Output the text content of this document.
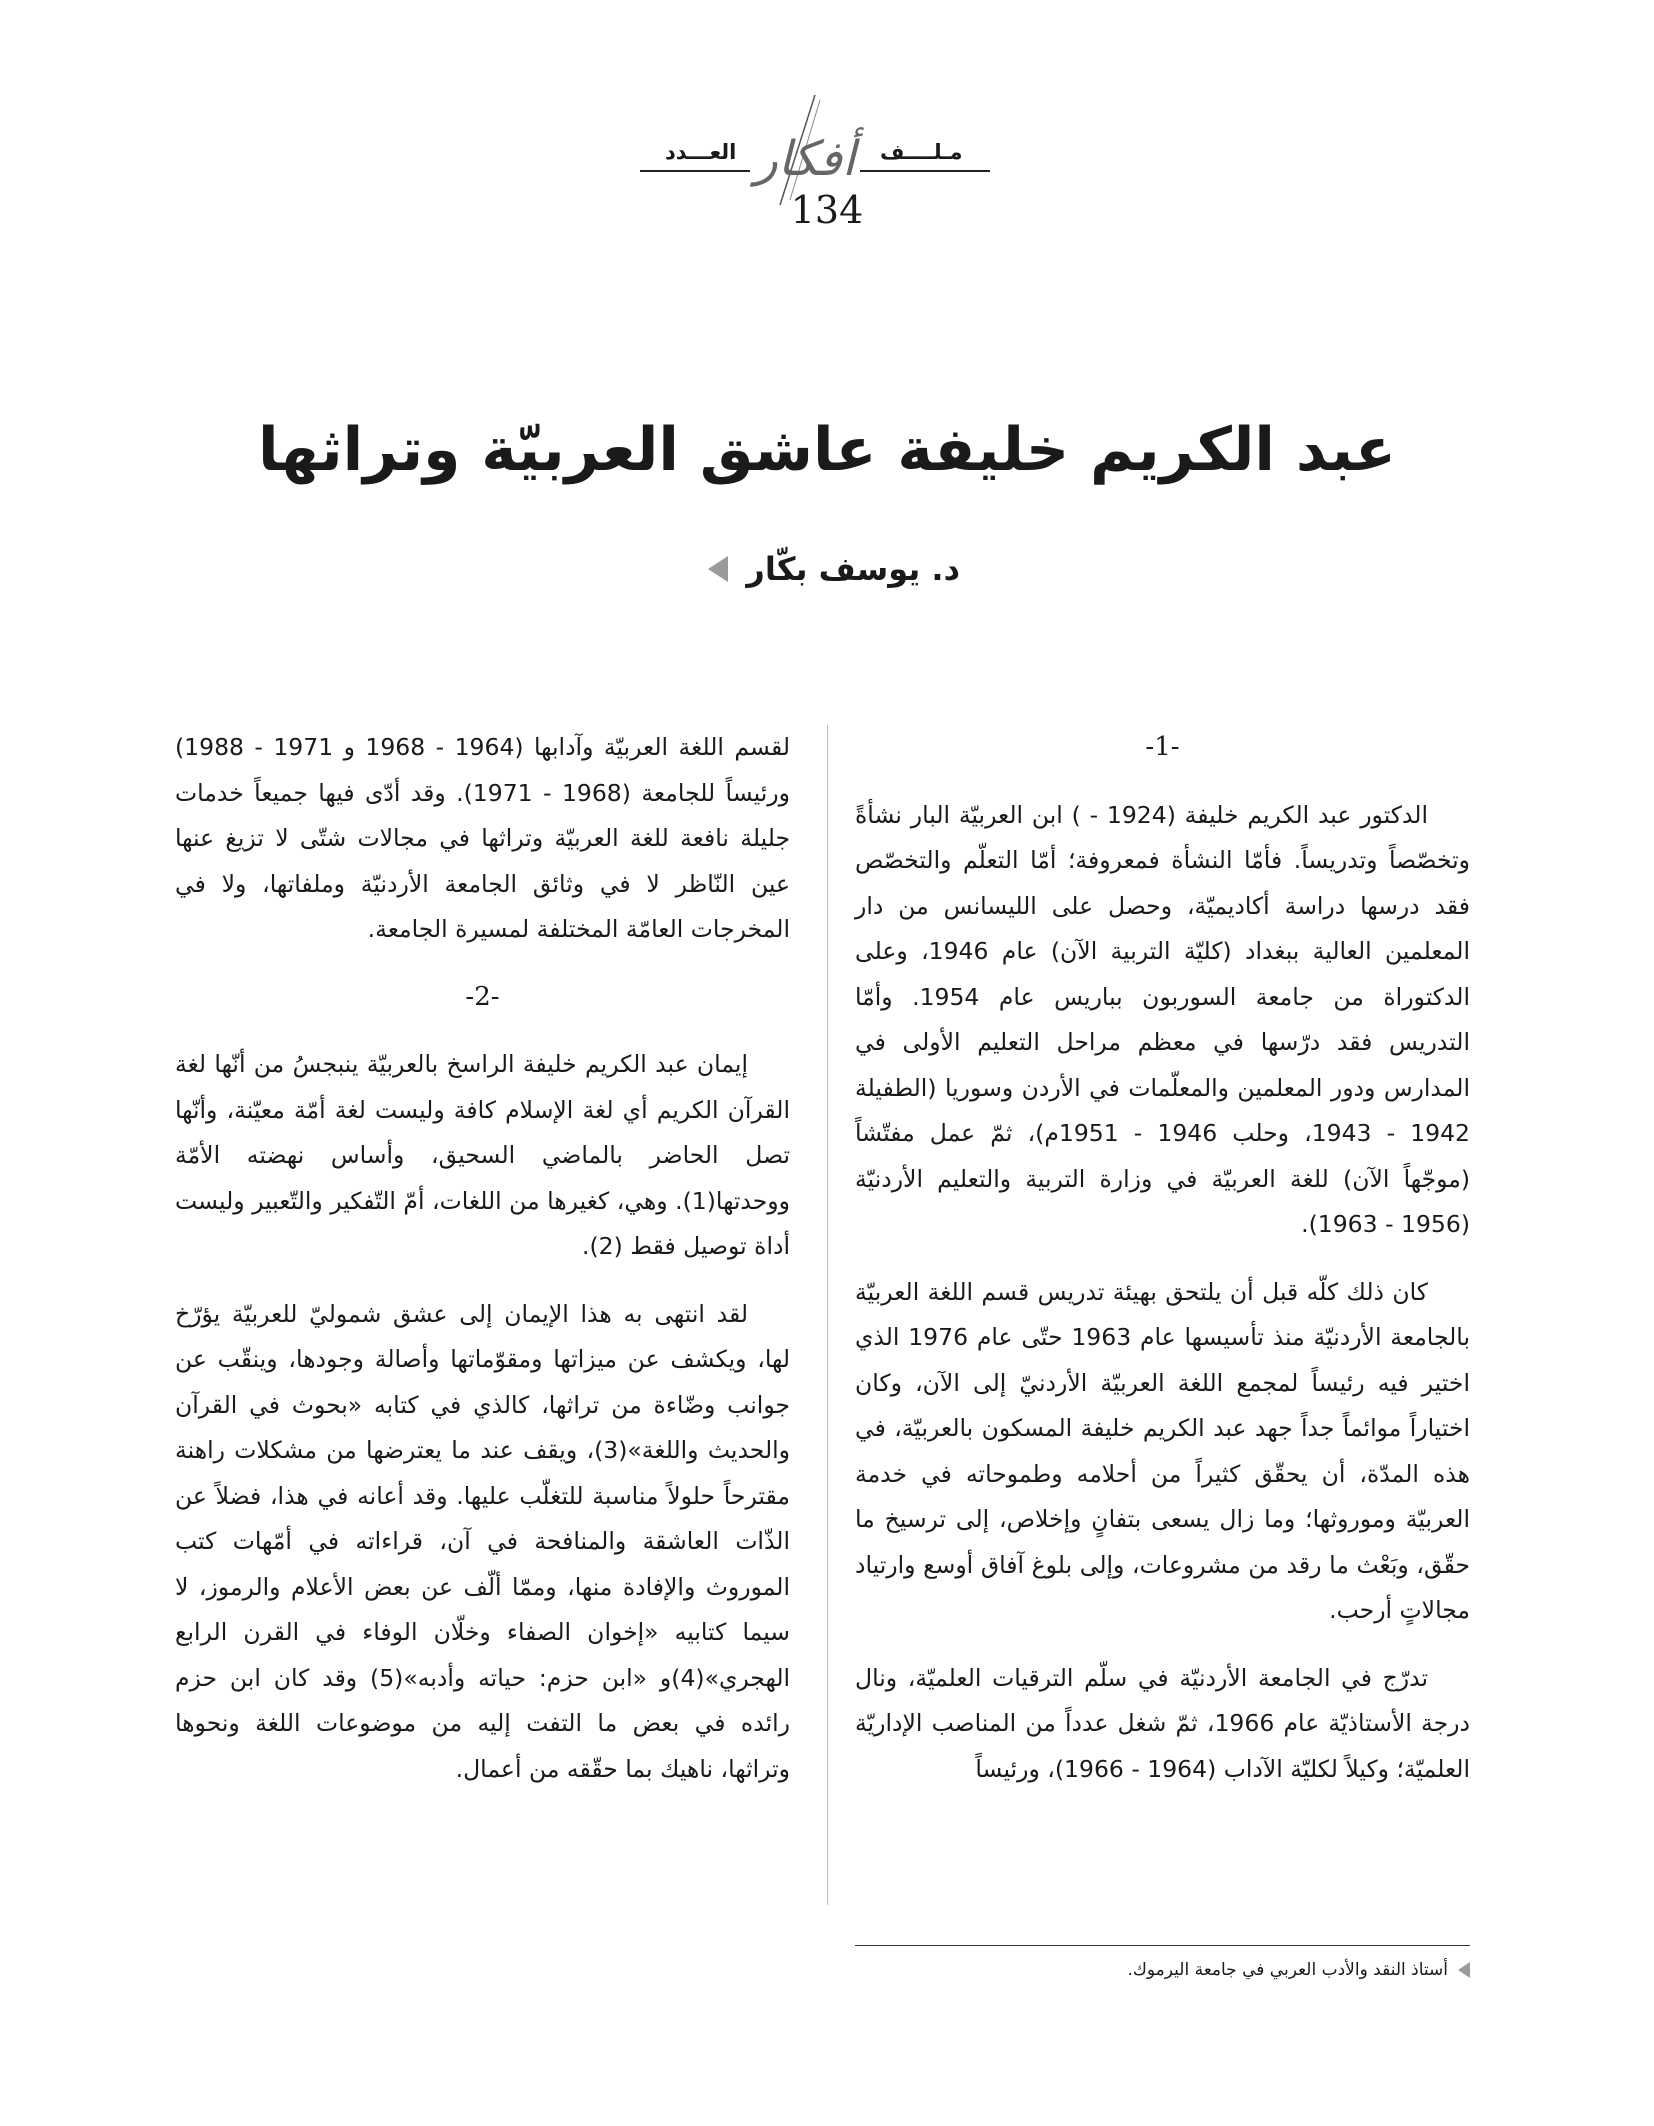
العـــدد	مـلــــف
أفكار
134
عبد الكريم خليفة عاشق العربيّة وتراثها
د. يوسف بكّار
-1-

الدكتور عبد الكريم خليفة (1924 - ) ابن العربيّة البار نشأةً وتخصّصاً وتدريساً. فأمّا النشأة فمعروفة؛ أمّا التعلّم والتخصّص فقد درسها دراسة أكاديميّة، وحصل على الليسانس من دار المعلمين العالية ببغداد (كليّة التربية الآن) عام 1946، وعلى الدكتوراة من جامعة السوربون بباريس عام 1954. وأمّا التدريس فقد درّسها في معظم مراحل التعليم الأولى في المدارس ودور المعلمين والمعلّمات في الأردن وسوريا (الطفيلة 1942 - 1943، وحلب 1946 - 1951م)، ثمّ عمل مفتّشاً (موجّهاً الآن) للغة العربيّة في وزارة التربية والتعليم الأردنيّة (1956 - 1963).

كان ذلك كلّه قبل أن يلتحق بهيئة تدريس قسم اللغة العربيّة بالجامعة الأردنيّة منذ تأسيسها عام 1963 حتّى عام 1976 الذي اختير فيه رئيساً لمجمع اللغة العربيّة الأردنيّ إلى الآن، وكان اختياراً موائماً جداً جهد عبد الكريم خليفة المسكون بالعربيّة، في هذه المدّة، أن يحقّق كثيراً من أحلامه وطموحاته في خدمة العربيّة وموروثها؛ وما زال يسعى بتفانٍ وإخلاص، إلى ترسيخ ما حقّق، وبَعْث ما رقد من مشروعات، وإلى بلوغ آفاق أوسع وارتياد مجالاتٍ أرحب.

تدرّج في الجامعة الأردنيّة في سلّم الترقيات العلميّة، ونال درجة الأستاذيّة عام 1966، ثمّ شغل عدداً من المناصب الإداريّة العلميّة؛ وكيلاً لكليّة الآداب (1964 - 1966)، ورئيساً

لقسم اللغة العربيّة وآدابها (1964 - 1968 و 1971 - 1988) ورئيساً للجامعة (1968 - 1971). وقد أدّى فيها جميعاً خدمات جليلة نافعة للغة العربيّة وتراثها في مجالات شتّى لا تزيغ عنها عين النّاظر لا في وثائق الجامعة الأردنيّة وملفاتها، ولا في المخرجات العامّة المختلفة لمسيرة الجامعة.

-2-

إيمان عبد الكريم خليفة الراسخ بالعربيّة ينبجسُ من أنّها لغة القرآن الكريم أي لغة الإسلام كافة وليست لغة أمّة معيّنة، وأنّها تصل الحاضر بالماضي السحيق، وأساس نهضته الأمّة ووحدتها(1). وهي، كغيرها من اللغات، أمّ التّفكير والتّعبير وليست أداة توصيل فقط (2).

لقد انتهى به هذا الإيمان إلى عشق شموليّ للعربيّة يؤرّخ لها، ويكشف عن ميزاتها ومقوّماتها وأصالة وجودها، وينقّب عن جوانب وضّاءة من تراثها، كالذي في كتابه «بحوث في القرآن والحديث واللغة»(3)، ويقف عند ما يعترضها من مشكلات راهنة مقترحاً حلولاً مناسبة للتغلّب عليها. وقد أعانه في هذا، فضلاً عن الذّات العاشقة والمنافحة في آن، قراءاته في أمّهات كتب الموروث والإفادة منها، وممّا ألّف عن بعض الأعلام والرموز، لا سيما كتابيه «إخوان الصفاء وخلّان الوفاء في القرن الرابع الهجري»(4)و «ابن حزم: حياته وأدبه»(5) وقد كان ابن حزم رائده في بعض ما التفت إليه من موضوعات اللغة ونحوها وتراثها، ناهيك بما حقّقه من أعمال.

أستاذ النقد والأدب العربي في جامعة اليرموك.
